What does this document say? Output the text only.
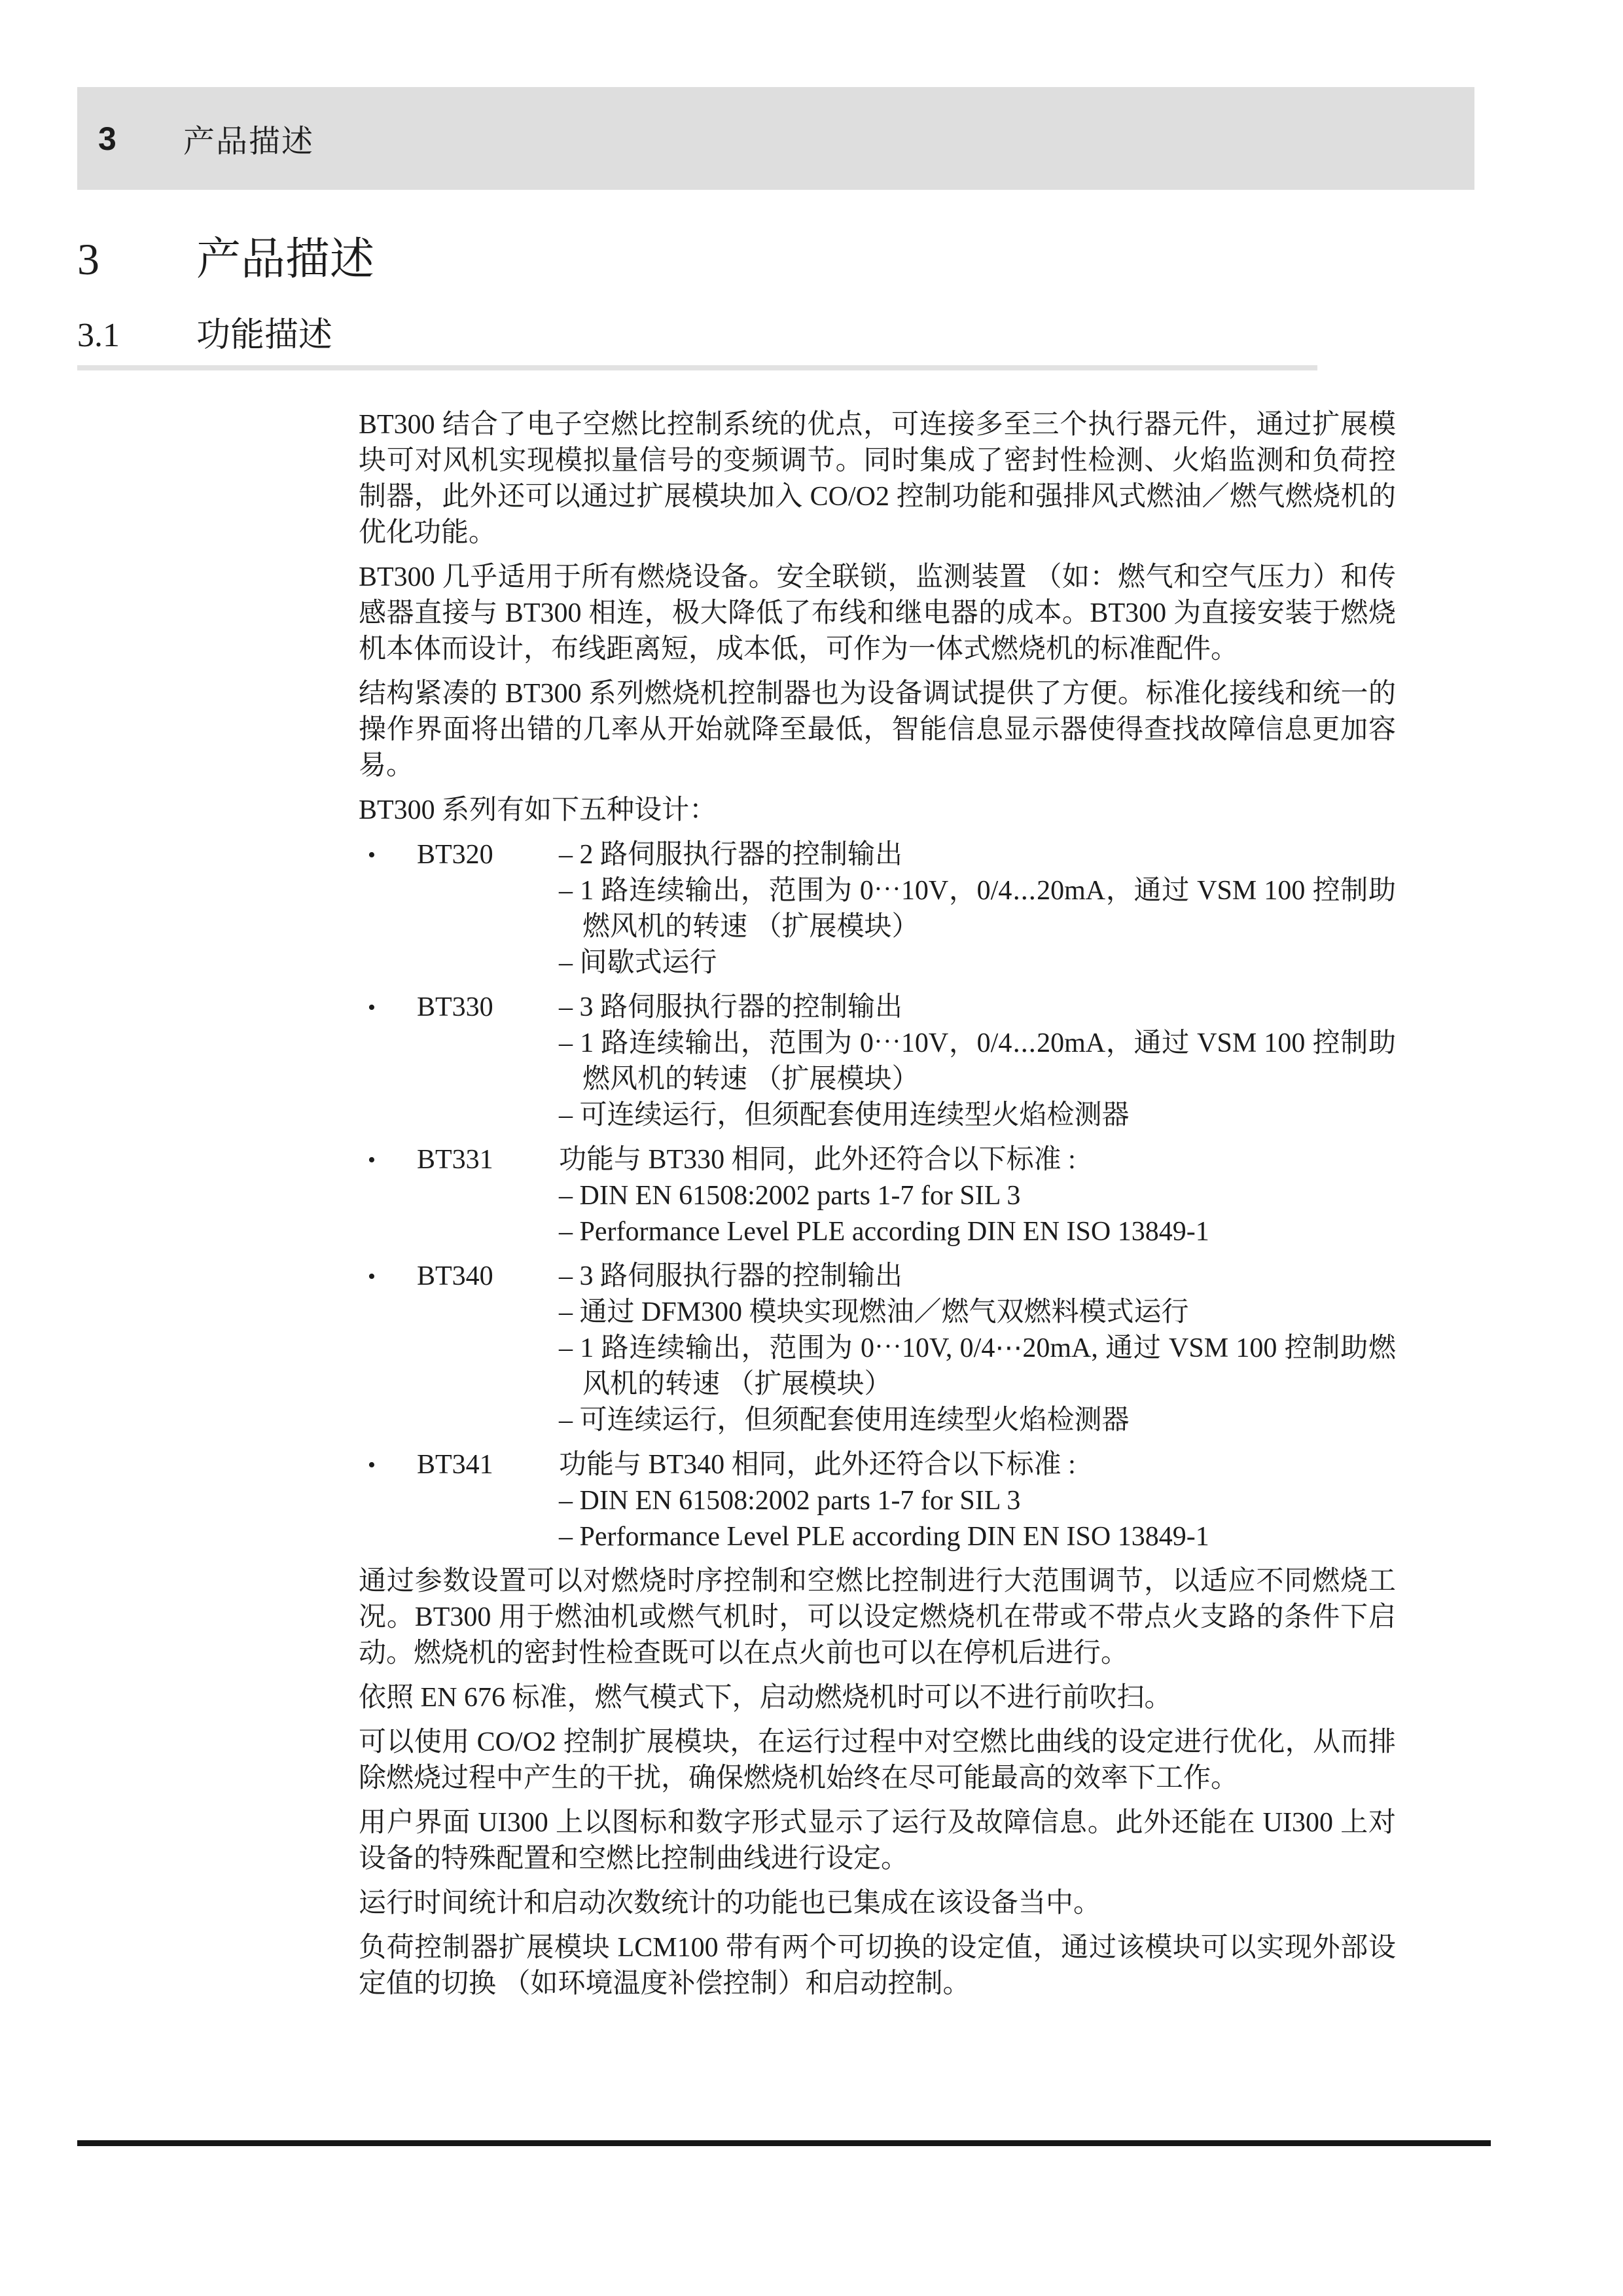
3	产品描述
3	产品描述
3.1	功能描述

BT300 结合了电子空燃比控制系统的优点，可连接多至三个执行器元件，通过扩展模块可对风机实现模拟量信号的变频调节。同时集成了密封性检测、火焰监测和负荷控制器，此外还可以通过扩展模块加入 CO/O2 控制功能和强排风式燃油／燃气燃烧机的优化功能。

BT300 几乎适用于所有燃烧设备。安全联锁，监测装置 （如：燃气和空气压力）和传感器直接与 BT300 相连，极大降低了布线和继电器的成本。BT300 为直接安装于燃烧机本体而设计，布线距离短，成本低，可作为一体式燃烧机的标准配件。

结构紧凑的 BT300 系列燃烧机控制器也为设备调试提供了方便。标准化接线和统一的操作界面将出错的几率从开始就降至最低，智能信息显示器使得查找故障信息更加容易。

BT300 系列有如下五种设计：

•	BT320	– 2 路伺服执行器的控制输出
– 1 路连续输出，范围为 0⋯10V，0/4⋯20mA，通过 VSM 100 控制助燃风机的转速 （扩展模块）
– 间歇式运行
•	BT330	– 3 路伺服执行器的控制输出
– 1 路连续输出，范围为 0⋯10V，0/4⋯20mA，通过 VSM 100 控制助燃风机的转速 （扩展模块）
– 可连续运行，但须配套使用连续型火焰检测器
•	BT331	功能与 BT330 相同，此外还符合以下标准 :
– DIN EN 61508:2002 parts 1-7 for SIL 3
– Performance Level PLE according DIN EN ISO 13849-1
•	BT340	– 3 路伺服执行器的控制输出
– 通过 DFM300 模块实现燃油／燃气双燃料模式运行
– 1 路连续输出，范围为 0⋯10V, 0/4⋯20mA, 通过 VSM 100 控制助燃风机的转速 （扩展模块）
– 可连续运行，但须配套使用连续型火焰检测器
•	BT341	功能与 BT340 相同，此外还符合以下标准 :
– DIN EN 61508:2002 parts 1-7 for SIL 3
– Performance Level PLE according DIN EN ISO 13849-1

通过参数设置可以对燃烧时序控制和空燃比控制进行大范围调节，以适应不同燃烧工况。BT300 用于燃油机或燃气机时，可以设定燃烧机在带或不带点火支路的条件下启动。燃烧机的密封性检查既可以在点火前也可以在停机后进行。

依照 EN 676 标准，燃气模式下，启动燃烧机时可以不进行前吹扫。

可以使用 CO/O2 控制扩展模块，在运行过程中对空燃比曲线的设定进行优化，从而排除燃烧过程中产生的干扰，确保燃烧机始终在尽可能最高的效率下工作。

用户界面 UI300 上以图标和数字形式显示了运行及故障信息。此外还能在 UI300 上对设备的特殊配置和空燃比控制曲线进行设定。

运行时间统计和启动次数统计的功能也已集成在该设备当中。

负荷控制器扩展模块 LCM100 带有两个可切换的设定值，通过该模块可以实现外部设定值的切换 （如环境温度补偿控制）和启动控制。
